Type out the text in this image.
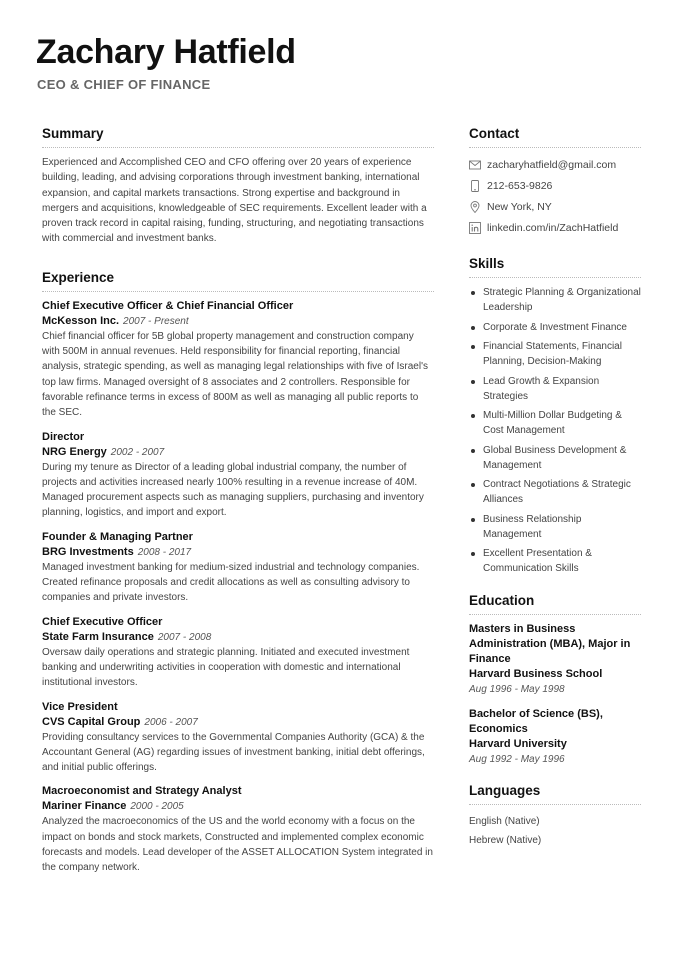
Zachary Hatfield
CEO & CHIEF OF FINANCE
Summary
Experienced and Accomplished CEO and CFO offering over 20 years of experience building, leading, and advising corporations through investment banking, international expansion, and capital markets transactions. Strong expertise and background in mergers and acquisitions, knowledgeable of SEC requirements. Excellent leader with a proven track record in capital raising, funding, structuring, and negotiating transactions with commercial and investment banks.
Experience
Chief Executive Officer & Chief Financial Officer
McKesson Inc. 2007 - Present
Chief financial officer for 5B global property management and construction company with 500M in annual revenues. Held responsibility for financial reporting, financial analysis, strategic spending, as well as managing legal relationships with five of Israel's top law firms. Managed oversight of 8 associates and 2 controllers. Responsible for favorable refinance terms in excess of 800M as well as managing all public reports to the SEC.
Director
NRG Energy 2002 - 2007
During my tenure as Director of a leading global industrial company, the number of projects and activities increased nearly 100% resulting in a revenue increase of 40M. Managed procurement aspects such as managing suppliers, purchasing and inventory planning, logistics, and import and export.
Founder & Managing Partner
BRG Investments 2008 - 2017
Managed investment banking for medium-sized industrial and technology companies. Created refinance proposals and credit allocations as well as consulting advisory to companies and private investors.
Chief Executive Officer
State Farm Insurance 2007 - 2008
Oversaw daily operations and strategic planning. Initiated and executed investment banking and underwriting activities in cooperation with domestic and international institutional investors.
Vice President
CVS Capital Group 2006 - 2007
Providing consultancy services to the Governmental Companies Authority (GCA) & the Accountant General (AG) regarding issues of investment banking, initial debt offerings, and initial public offerings.
Macroeconomist and Strategy Analyst
Mariner Finance 2000 - 2005
Analyzed the macroeconomics of the US and the world economy with a focus on the impact on bonds and stock markets, Constructed and implemented complex economic forecasts and models. Lead developer of the ASSET ALLOCATION System integrated in the company network.
Contact
zacharyhatfield@gmail.com
212-653-9826
New York, NY
linkedin.com/in/ZachHatfield
Skills
Strategic Planning & Organizational Leadership
Corporate & Investment Finance
Financial Statements, Financial Planning, Decision-Making
Lead Growth & Expansion Strategies
Multi-Million Dollar Budgeting & Cost Management
Global Business Development & Management
Contract Negotiations & Strategic Alliances
Business Relationship Management
Excellent Presentation & Communication Skills
Education
Masters in Business Administration (MBA), Major in Finance
Harvard Business School
Aug 1996 - May 1998
Bachelor of Science (BS), Economics
Harvard University
Aug 1992 - May 1996
Languages
English (Native)
Hebrew (Native)
